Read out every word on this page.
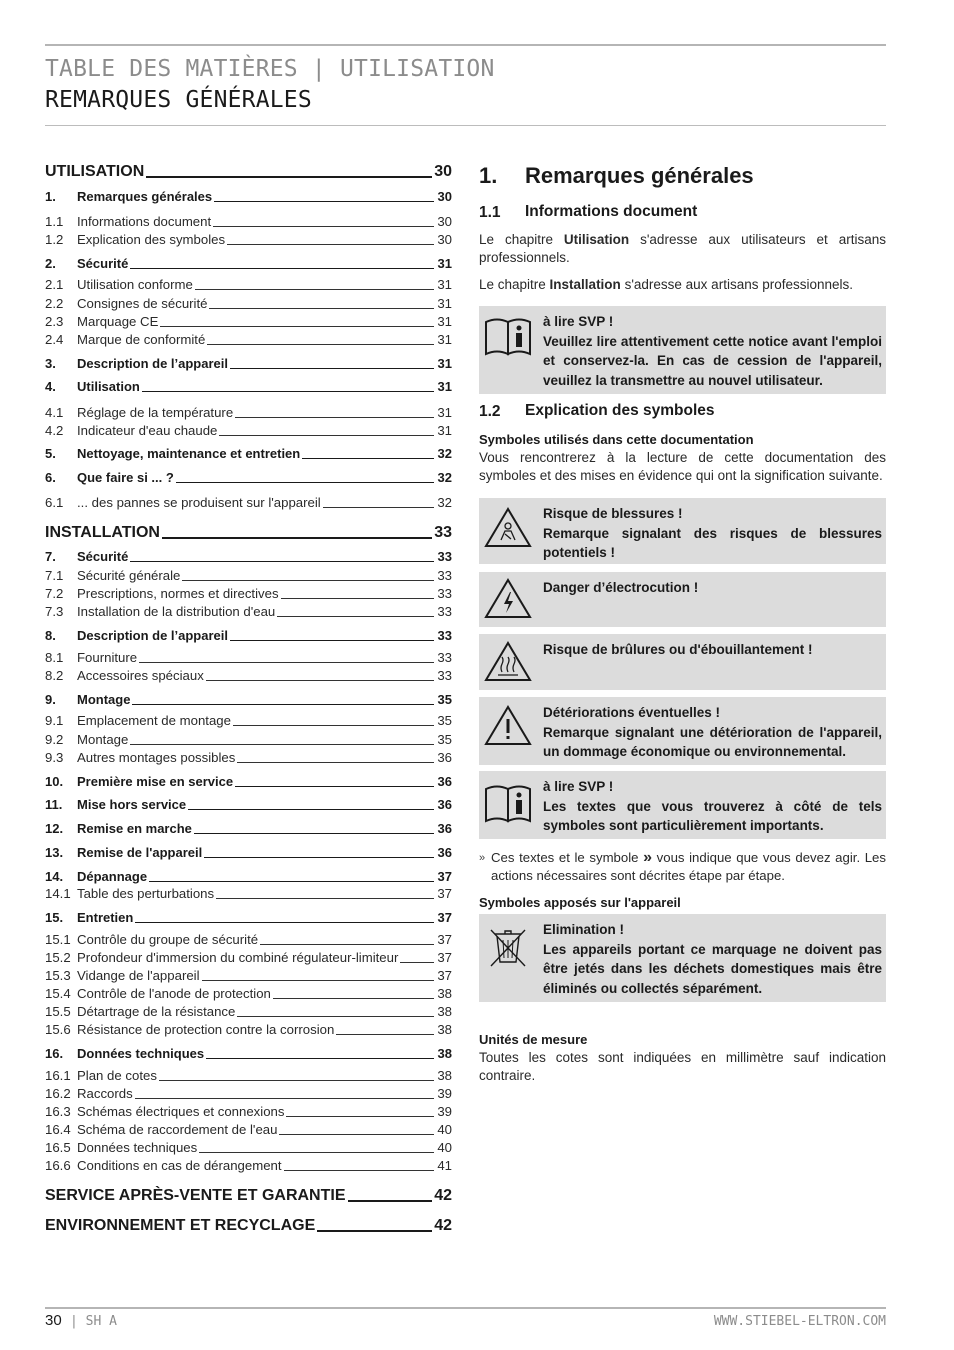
TABLE DES MATIÈRES | UTILISATION
REMARQUES GÉNÉRALES
UTILISATION	30
1.	Remarques générales	30
1.1	Informations document	30
1.2	Explication des symboles	30
2.	Sécurité	31
2.1	Utilisation conforme	31
2.2	Consignes de sécurité	31
2.3	Marquage CE	31
2.4	Marque de conformité	31
3.	Description de l’appareil	31
4.	Utilisation	31
4.1	Réglage de la température	31
4.2	Indicateur d'eau chaude	31
5.	Nettoyage, maintenance et entretien	32
6.	Que faire si ... ?	32
6.1	... des pannes se produisent sur l'appareil	32
INSTALLATION	33
7.	Sécurité	33
7.1	Sécurité générale	33
7.2	Prescriptions, normes et directives	33
7.3	Installation de la distribution d'eau	33
8.	Description de l’appareil	33
8.1	Fourniture	33
8.2	Accessoires spéciaux	33
9.	Montage	35
9.1	Emplacement de montage	35
9.2	Montage	35
9.3	Autres montages possibles	36
10.	Première mise en service	36
11.	Mise hors service	36
12.	Remise en marche	36
13.	Remise de l'appareil	36
14.	Dépannage	37
14.1 Table des perturbations	37
15.	Entretien	37
15.1 Contrôle du groupe de sécurité	37
15.2 Profondeur d'immersion du combiné régulateur-limiteur	37
15.3 Vidange de l'appareil	37
15.4 Contrôle de l'anode de protection	38
15.5 Détartrage de la résistance	38
15.6 Résistance de protection contre la corrosion	38
16.	Données techniques	38
16.1 Plan de cotes	38
16.2 Raccords	39
16.3 Schémas électriques et connexions	39
16.4 Schéma de raccordement de l'eau	40
16.5 Données techniques	40
16.6 Conditions en cas de dérangement	41
SERVICE APRÈS-VENTE ET GARANTIE	42
ENVIRONNEMENT ET RECYCLAGE	42
1. Remarques générales
1.1 Informations document
Le chapitre Utilisation s'adresse aux utilisateurs et artisans professionnels.
Le chapitre Installation s'adresse aux artisans professionnels.
à lire SVP !
Veuillez lire attentivement cette notice avant l'emploi et conservez-la. En cas de cession de l'appareil, veuillez la transmettre au nouvel utilisateur.
1.2 Explication des symboles
Symboles utilisés dans cette documentation
Vous rencontrerez à la lecture de cette documentation des symboles et des mises en évidence qui ont la signification suivante.
Risque de blessures !
Remarque signalant des risques de blessures potentiels !
Danger d’électrocution !
Risque de brûlures ou d'ébouillantement !
Détériorations éventuelles !
Remarque signalant une détérioration de l'appareil, un dommage économique ou environnemental.
à lire SVP !
Les textes que vous trouverez à côté de tels symboles sont particulièrement importants.
» Ces textes et le symbole » vous indique que vous devez agir. Les actions nécessaires sont décrites étape par étape.
Symboles apposés sur l'appareil
Elimination !
Les appareils portant ce marquage ne doivent pas être jetés dans les déchets domestiques mais être éliminés ou collectés séparément.
Unités de mesure
Toutes les cotes sont indiquées en millimètre sauf indication contraire.
30 | SH A	WWW.STIEBEL-ELTRON.COM
